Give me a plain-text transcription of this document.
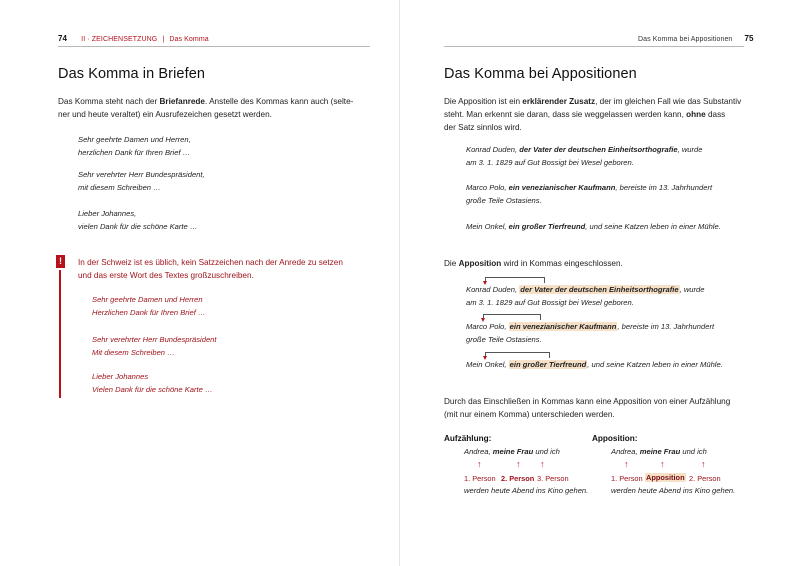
74 II · ZEICHENSETZUNG | Das Komma
Das Komma in Briefen
Das Komma steht nach der Briefanrede. Anstelle des Kommas kann auch (selte-
ner und heute veraltet) ein Ausrufezeichen gesetzt werden.
Sehr geehrte Damen und Herren,
herzlichen Dank für Ihren Brief …
Sehr verehrter Herr Bundespräsident,
mit diesem Schreiben …
Lieber Johannes,
vielen Dank für die schöne Karte …
!	In der Schweiz ist es üblich, kein Satzzeichen nach der Anrede zu setzen
und das erste Wort des Textes großzuschreiben.
Sehr geehrte Damen und Herren
Herzlichen Dank für Ihren Brief …
Sehr verehrter Herr Bundespräsident
Mit diesem Schreiben …
Lieber Johannes
Vielen Dank für die schöne Karte …
Das Komma bei Appositionen 75
Das Komma bei Appositionen
Die Apposition ist ein erklärender Zusatz, der im gleichen Fall wie das Substantiv
steht. Man erkennt sie daran, dass sie weggelassen werden kann, ohne dass
der Satz sinnlos wird.
Konrad Duden, der Vater der deutschen Einheitsorthografie, wurde
am 3. 1. 1829 auf Gut Bossigt bei Wesel geboren.
Marco Polo, ein venezianischer Kaufmann, bereiste im 13. Jahrhundert
große Teile Ostasiens.
Mein Onkel, ein großer Tierfreund, und seine Katzen leben in einer Mühle.
Die Apposition wird in Kommas eingeschlossen.
Konrad Duden, der Vater der deutschen Einheitsorthografie, wurde
am 3. 1. 1829 auf Gut Bossigt bei Wesel geboren.
Marco Polo, ein venezianischer Kaufmann, bereiste im 13. Jahrhundert
große Teile Ostasiens.
Mein Onkel, ein großer Tierfreund, und seine Katzen leben in einer Mühle.
Durch das Einschließen in Kommas kann eine Apposition von einer Aufzählung
(mit nur einem Komma) unterschieden werden.
Aufzählung:
Andrea, meine Frau und ich
↑	↑ ↑
1. Person 2. Person 3. Person
werden heute Abend ins Kino gehen.
Apposition:
Andrea, meine Frau und ich
↑	↑	↑
1. Person Apposition 2. Person
werden heute Abend ins Kino gehen.
